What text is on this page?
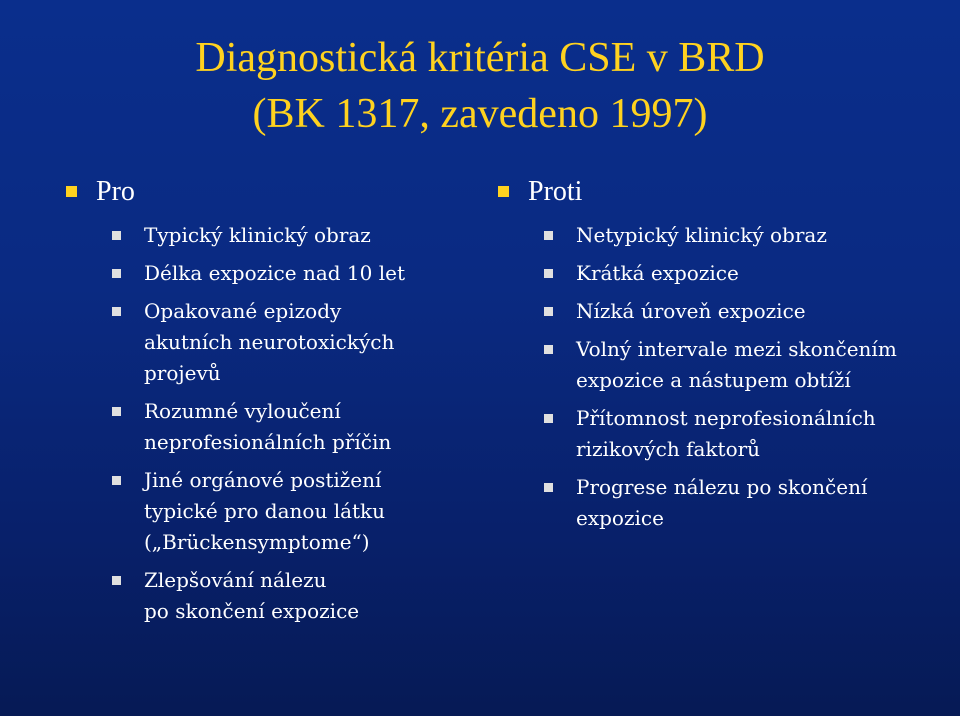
Diagnostická kritéria CSE v BRD
(BK 1317, zavedeno 1997)
Pro
Typický klinický obraz
Délka expozice nad 10 let
Opakované epizody
akutních neurotoxických
projevů
Rozumné vyloučení
neprofesionálních příčin
Jiné orgánové postižení
typické pro danou látku
(„Brückensymptome“)
Zlepšování nálezu
po skončení expozice
Proti
Netypický klinický obraz
Krátká expozice
Nízká úroveň expozice
Volný intervale mezi skončením
expozice a nástupem obtíží
Přítomnost neprofesionálních
rizikových faktorů
Progrese nálezu po skončení
expozice
